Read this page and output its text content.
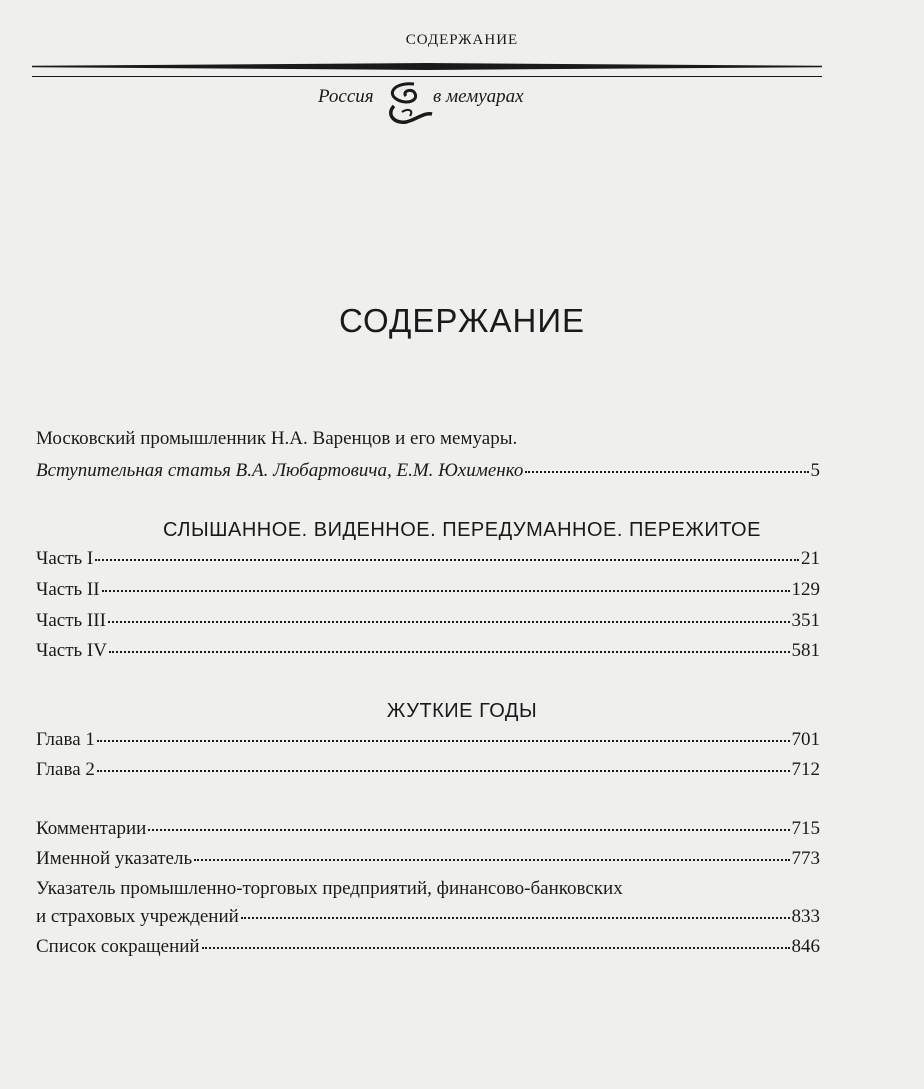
СОДЕРЖАНИЕ
Россия	в мемуарах
СОДЕРЖАНИЕ
Московский промышленник Н.А. Варенцов и его мемуары.
Вступительная статья В.А. Любартовича, Е.М. Юхименко	5
СЛЫШАННОЕ. ВИДЕННОЕ. ПЕРЕДУМАННОЕ. ПЕРЕЖИТОЕ
Часть I	21
Часть II	129
Часть III	351
Часть IV	581
ЖУТКИЕ ГОДЫ
Глава 1	701
Глава 2	712
Комментарии	715
Именной указатель	773
Указатель промышленно-торговых предприятий, финансово-банковских
и страховых учреждений	833
Список сокращений	846
